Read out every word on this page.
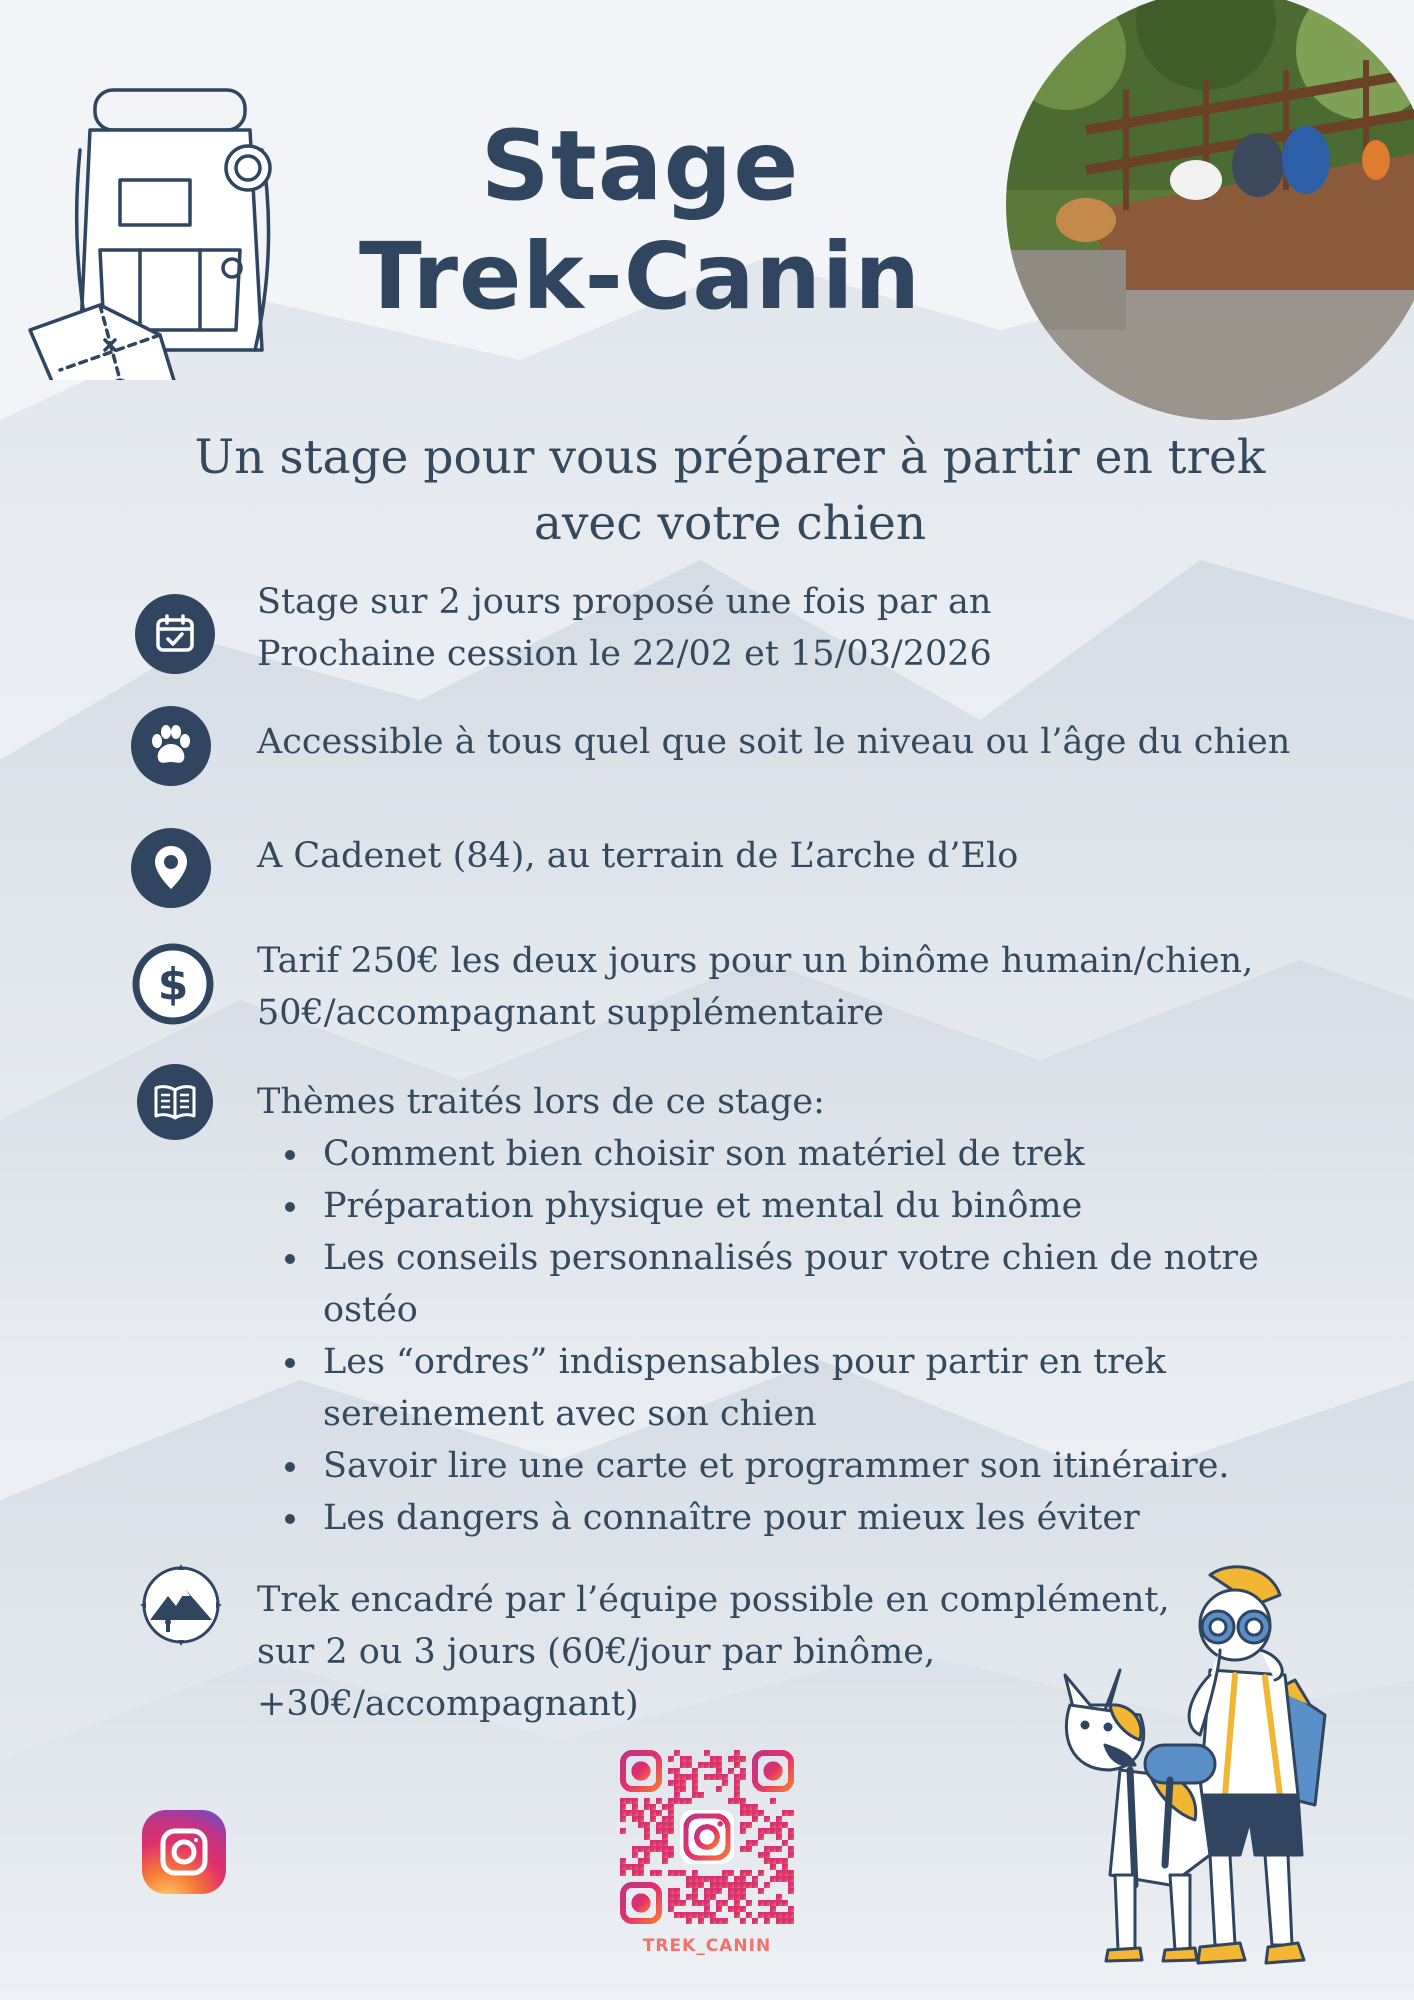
Stage
Trek-Canin
Un stage pour vous préparer à partir en trek
avec votre chien
Stage sur 2 jours proposé une fois par an
Prochaine cession le 22/02 et 15/03/2026
Accessible à tous quel que soit le niveau ou l’âge du chien
A Cadenet (84), au terrain de L’arche d’Elo
$ Tarif 250€ les deux jours pour un binôme humain/chien,
50€/accompagnant supplémentaire
Thèmes traités lors de ce stage:
Comment bien choisir son matériel de trek
Préparation physique et mental du binôme
Les conseils personnalisés pour votre chien de notre ostéo
Les “ordres” indispensables pour partir en trek sereinement avec son chien
Savoir lire une carte et programmer son itinéraire.
Les dangers à connaître pour mieux les éviter
Trek encadré par l’équipe possible en complément,
sur 2 ou 3 jours (60€/jour par binôme,
+30€/accompagnant)
TREK_CANIN
